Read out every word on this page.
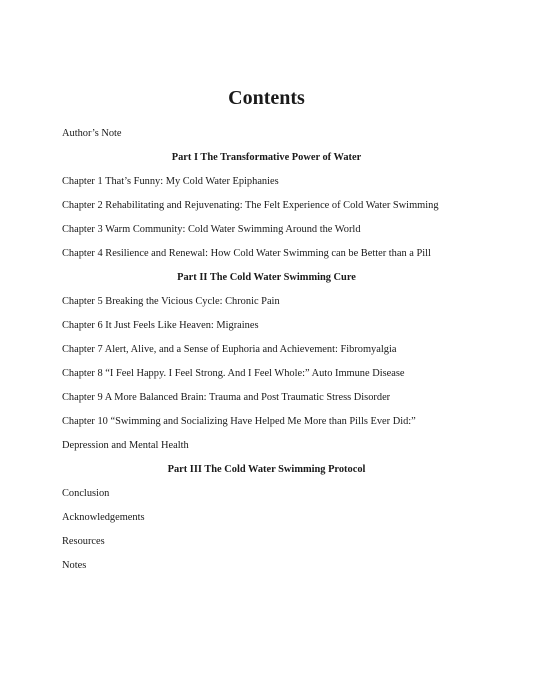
Contents
Author’s Note
Part I The Transformative Power of Water
Chapter 1 That’s Funny: My Cold Water Epiphanies
Chapter 2 Rehabilitating and Rejuvenating: The Felt Experience of Cold Water Swimming
Chapter 3 Warm Community: Cold Water Swimming Around the World
Chapter 4 Resilience and Renewal: How Cold Water Swimming can be Better than a Pill
Part II The Cold Water Swimming Cure
Chapter 5 Breaking the Vicious Cycle: Chronic Pain
Chapter 6 It Just Feels Like Heaven: Migraines
Chapter 7 Alert, Alive, and a Sense of Euphoria and Achievement: Fibromyalgia
Chapter 8 “I Feel Happy. I Feel Strong. And I Feel Whole:” Auto Immune Disease
Chapter 9 A More Balanced Brain: Trauma and Post Traumatic Stress Disorder
Chapter 10 “Swimming and Socializing Have Helped Me More than Pills Ever Did:”
Depression and Mental Health
Part III The Cold Water Swimming Protocol
Conclusion
Acknowledgements
Resources
Notes
